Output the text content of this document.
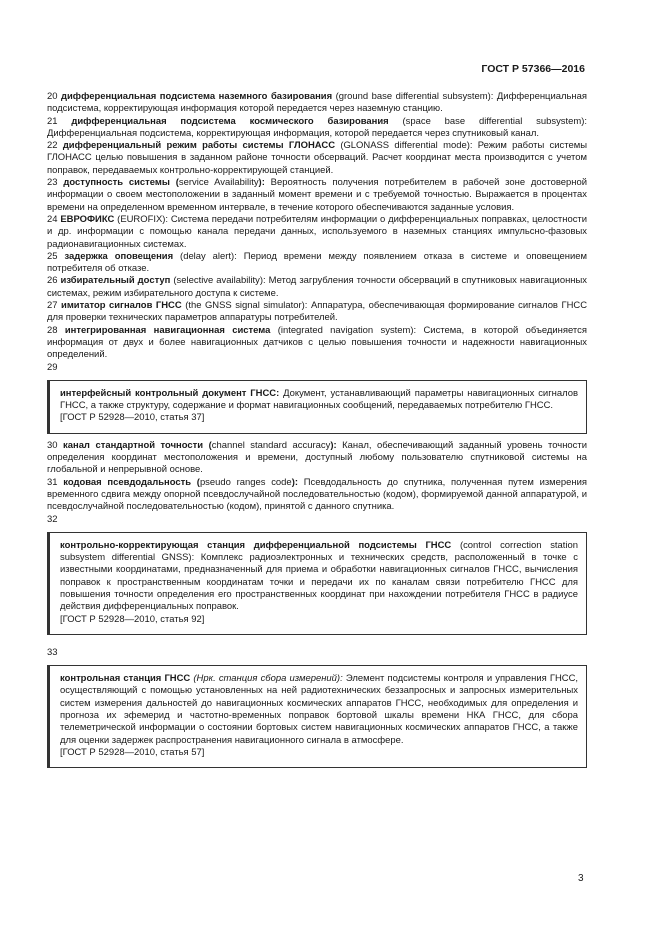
ГОСТ Р 57366—2016

20 дифференциальная подсистема наземного базирования (ground base differential subsystem): Дифференциальная подсистема, корректирующая информация которой передается через наземную станцию.

21 дифференциальная подсистема космического базирования (space base differential subsystem): Дифференциальная подсистема, корректирующая информация, которой передается через спутниковый канал.

22 дифференциальный режим работы системы ГЛОНАСС (GLONASS differential mode): Режим работы системы ГЛОНАСС целью повышения в заданном районе точности обсерваций. Расчет координат места производится с учетом поправок, передаваемых контрольно-корректирующей станцией.

23 доступность системы (service Availability): Вероятность получения потребителем в рабочей зоне достоверной информации о своем местоположении в заданный момент времени и с требуемой точностью. Выражается в процентах времени на определенном временном интервале, в течение которого обеспечиваются заданные условия.

24 ЕВРОФИКС (EUROFIX): Система передачи потребителям информации о дифференциальных поправках, целостности и др. информации с помощью канала передачи данных, используемого в наземных станциях импульсно-фазовых радионавигационных системах.

25 задержка оповещения (delay alert): Период времени между появлением отказа в системе и оповещением потребителя об отказе.

26 избирательный доступ (selective availability): Метод загрубления точности обсерваций в спутниковых навигационных системах, режим избирательного доступа к системе.

27 имитатор сигналов ГНСС (the GNSS signal simulator): Аппаратура, обеспечивающая формирование сигналов ГНСС для проверки технических параметров аппаратуры потребителей.

28 интегрированная навигационная система (integrated navigation system): Система, в которой объединяется информация от двух и более навигационных датчиков с целью повышения точности и надежности навигационных определений.

29

интерфейсный контрольный документ ГНСС: Документ, устанавливающий параметры навигационных сигналов ГНСС, а также структуру, содержание и формат навигационных сообщений, передаваемых потребителю ГНСС.

[ГОСТ Р 52928—2010, статья 37]

30 канал стандартной точности (channel standard accuracy): Канал, обеспечивающий заданный уровень точности определения координат местоположения и времени, доступный любому пользователю спутниковой системы на глобальной и непрерывной основе.

31 кодовая псевдодальность (pseudo ranges code): Псевдодальность до спутника, полученная путем измерения временного сдвига между опорной псевдослучайной последовательностью (кодом), формируемой данной аппаратурой, и псевдослучайной последовательностью (кодом), принятой с данного спутника.

32

контрольно-корректирующая станция дифференциальной подсистемы ГНСС (control correction station subsystem differential GNSS): Комплекс радиоэлектронных и технических средств, расположенный в точке с известными координатами, предназначенный для приема и обработки навигационных сигналов ГНСС, вычисления поправок к пространственным координатам точки и передачи их по каналам связи потребителю ГНСС для повышения точности определения его пространственных координат при нахождении потребителя ГНСС в радиусе действия дифференциальных поправок.

[ГОСТ Р 52928—2010, статья 92]

33

контрольная станция ГНСС (Нрк. станция сбора измерений): Элемент подсистемы контроля и управления ГНСС, осуществляющий с помощью установленных на ней радиотехнических беззапросных и запросных измерительных систем измерения дальностей до навигационных космических аппаратов ГНСС, необходимых для определения и прогноза их эфемерид и частотно-временных поправок бортовой шкалы времени НКА ГНСС, для сбора телеметрической информации о состоянии бортовых систем навигационных космических аппаратов ГНСС, а также для оценки задержек распространения навигационного сигнала в атмосфере.

[ГОСТ Р 52928—2010, статья 57]

3
